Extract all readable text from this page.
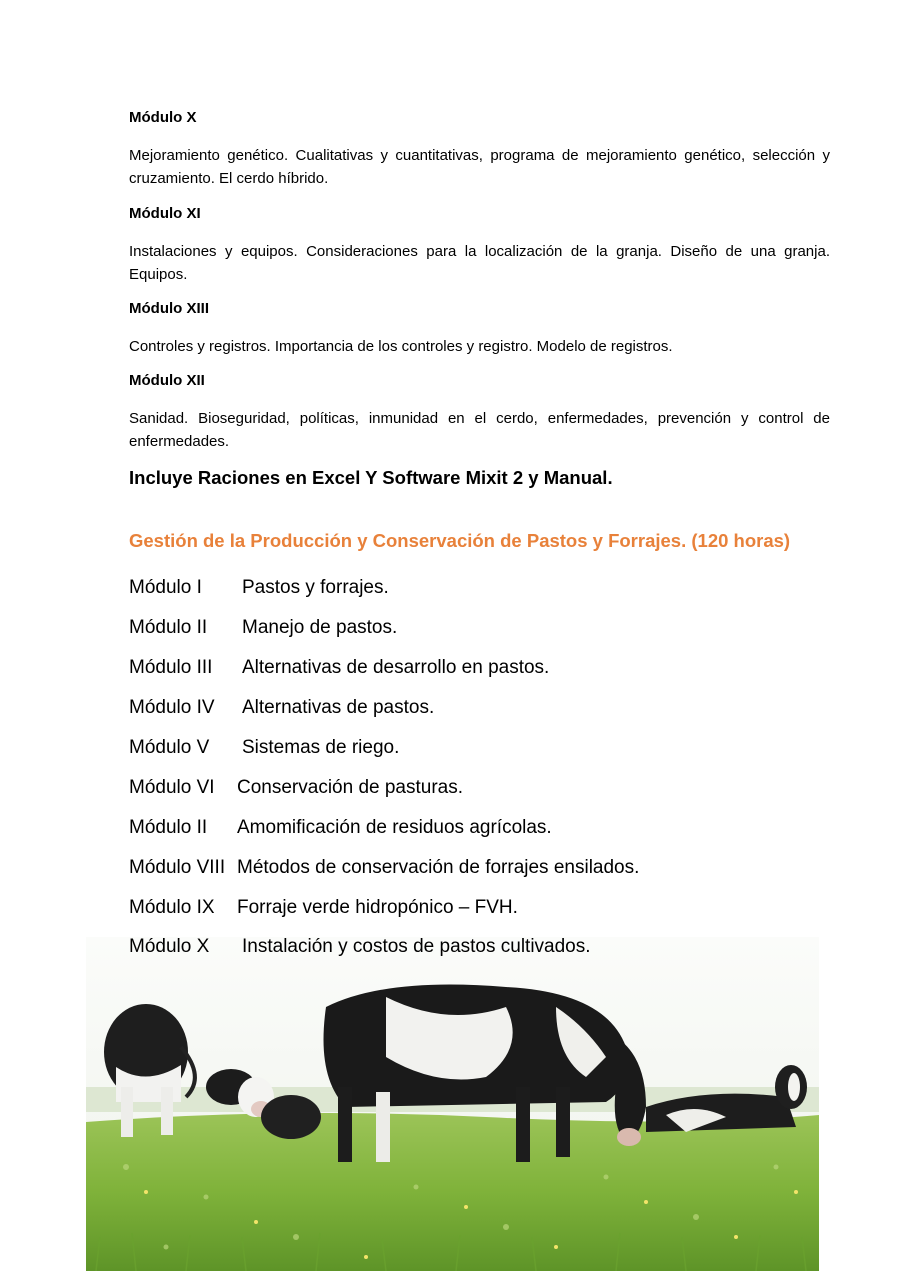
Módulo X
Mejoramiento genético. Cualitativas y cuantitativas, programa de mejoramiento genético, selección y cruzamiento. El cerdo híbrido.
Módulo XI
Instalaciones y equipos. Consideraciones para la localización de la granja. Diseño de una granja. Equipos.
Módulo XIII
Controles y registros. Importancia de los controles y registro. Modelo de registros.
Módulo XII
Sanidad. Bioseguridad, políticas, inmunidad en el cerdo, enfermedades, prevención y control de enfermedades.
Incluye Raciones en Excel Y Software Mixit 2 y Manual.
Gestión de la Producción y Conservación de Pastos y Forrajes. (120 horas)
Módulo I Pastos y forrajes.
Módulo II Manejo de pastos.
Módulo III Alternativas de desarrollo en pastos.
Módulo IV Alternativas de pastos.
Módulo V Sistemas de riego.
Módulo VI Conservación de pasturas.
Módulo II Amomificación de residuos agrícolas.
Módulo VIII Métodos de conservación de forrajes ensilados.
Módulo IX Forraje verde hidropónico – FVH.
Módulo X Instalación y costos de pastos cultivados.
